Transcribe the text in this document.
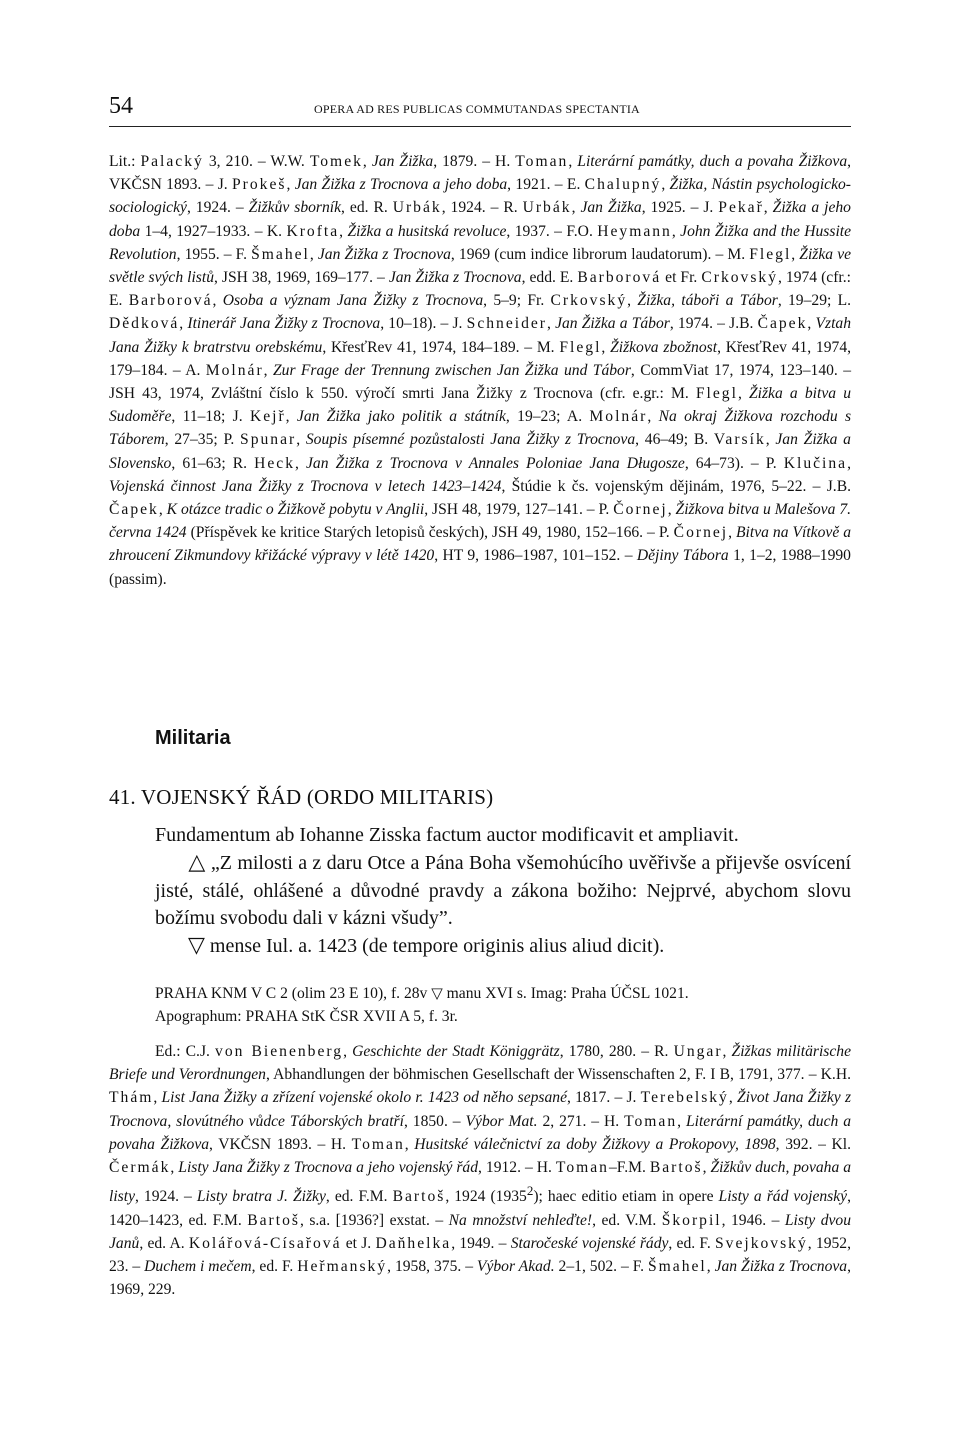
54	OPERA AD RES PUBLICAS COMMUTANDAS SPECTANTIA

Lit.: Palacký 3, 210. – W.W. Tomek, Jan Žižka, 1879. – H. Toman, Literární památky, duch a povaha Žižkova, VKČSN 1893. – J. Prokeš, Jan Žižka z Trocnova a jeho doba, 1921. – E. Chalupný, Žižka, Nástin psychologicko-sociologický, 1924. – Žižkův sborník, ed. R. Urbák, 1924. – R. Urbák, Jan Žižka, 1925. – J. Pekař, Žižka a jeho doba 1–4, 1927–1933. – K. Krofta, Žižka a husitská revoluce, 1937. – F.O. Heymann, John Žižka and the Hussite Revolution, 1955. – F. Šmahel, Jan Žižka z Trocnova, 1969 (cum indice librorum laudatorum). – M. Flegl, Žižka ve světle svých listů, JSH 38, 1969, 169–177. – Jan Žižka z Trocnova, edd. E. Barborová et Fr. Crkovský, 1974 (cfr.: E. Barborová, Osoba a význam Jana Žižky z Trocnova, 5–9; Fr. Crkovský, Žižka, táboři a Tábor, 19–29; L. Dědková, Itinerář Jana Žižky z Trocnova, 10–18). – J. Schneider, Jan Žižka a Tábor, 1974. – J.B. Čapek, Vztah Jana Žižky k bratrstvu orebskému, KřesťRev 41, 1974, 184–189. – M. Flegl, Žižkova zbožnost, KřesťRev 41, 1974, 179–184. – A. Molnár, Zur Frage der Trennung zwischen Jan Žižka und Tábor, CommViat 17, 1974, 123–140. – JSH 43, 1974, Zvláštní číslo k 550. výročí smrti Jana Žižky z Trocnova (cfr. e.gr.: M. Flegl, Žižka a bitva u Sudoměře, 11–18; J. Kejř, Jan Žižka jako politik a státník, 19–23; A. Molnár, Na okraj Žižkova rozchodu s Táborem, 27–35; P. Spunar, Soupis písemné pozůstalosti Jana Žižky z Trocnova, 46–49; B. Varsík, Jan Žižka a Slovensko, 61–63; R. Heck, Jan Žižka z Trocnova v Annales Poloniae Jana Długosze, 64–73). – P. Klučina, Vojenská činnost Jana Žižky z Trocnova v letech 1423–1424, Štúdie k čs. vojenským dějinám, 1976, 5–22. – J.B. Čapek, K otázce tradic o Žižkově pobytu v Anglii, JSH 48, 1979, 127–141. – P. Čornej, Žižkova bitva u Malešova 7. června 1424 (Příspěvek ke kritice Starých letopisů českých), JSH 49, 1980, 152–166. – P. Čornej, Bitva na Vítkově a zhroucení Zikmundovy křižácké výpravy v létě 1420, HT 9, 1986–1987, 101–152. – Dějiny Tábora 1, 1–2, 1988–1990 (passim).

Militaria
41. VOJENSKÝ ŘÁD (ORDO MILITARIS)

Fundamentum ab Iohanne Zisska factum auctor modificavit et ampliavit.
△ „Z milosti a z daru Otce a Pána Boha všemohúcího uvěřivše a přijevše osvícení jisté, stálé, ohlášené a důvodné pravdy a zákona božiho: Nejprvé, abychom slovu božímu svobodu dali v kázni všudy”.
▽ mense Iul. a. 1423 (de tempore originis alius aliud dicit).

PRAHA KNM V C 2 (olim 23 E 10), f. 28v ▽ manu XVI s. Imag: Praha ÚČSL 1021.
Apographum: PRAHA StK ČSR XVII A 5, f. 3r.

Ed.: C.J. von Bienenberg, Geschichte der Stadt Königgrätz, 1780, 280. – R. Ungar, Žižkas militärische Briefe und Verordnungen, Abhandlungen der böhmischen Gesellschaft der Wissenschaften 2, F. I B, 1791, 377. – K.H. Thám, List Jana Žižky a zřízení vojenské okolo r. 1423 od něho sepsané, 1817. – J. Terebelský, Život Jana Žižky z Trocnova, slovútného vůdce Táborských bratří, 1850. – Výbor Mat. 2, 271. – H. Toman, Literární památky, duch a povaha Žižkova, VKČSN 1893. – H. Toman, Husitské válečnictví za doby Žižkovy a Prokopovy, 1898, 392. – Kl. Čermák, Listy Jana Žižky z Trocnova a jeho vojenský řád, 1912. – H. Toman–F.M. Bartoš, Žižkův duch, povaha a listy, 1924. – Listy bratra J. Žižky, ed. F.M. Bartoš, 1924 (1935$^2$); haec editio etiam in opere Listy a řád vojenský, 1420–1423, ed. F.M. Bartoš, s.a. [1936?] exstat. – Na množství nehleďte!, ed. V.M. Škorpil, 1946. – Listy dvou Janů, ed. A. Kolářová-Císařová et J. Daňhelka, 1949. – Staročeské vojenské řády, ed. F. Svejkovský, 1952, 23. – Duchem i mečem, ed. F. Heřmanský, 1958, 375. – Výbor Akad. 2–1, 502. – F. Šmahel, Jan Žižka z Trocnova, 1969, 229.
